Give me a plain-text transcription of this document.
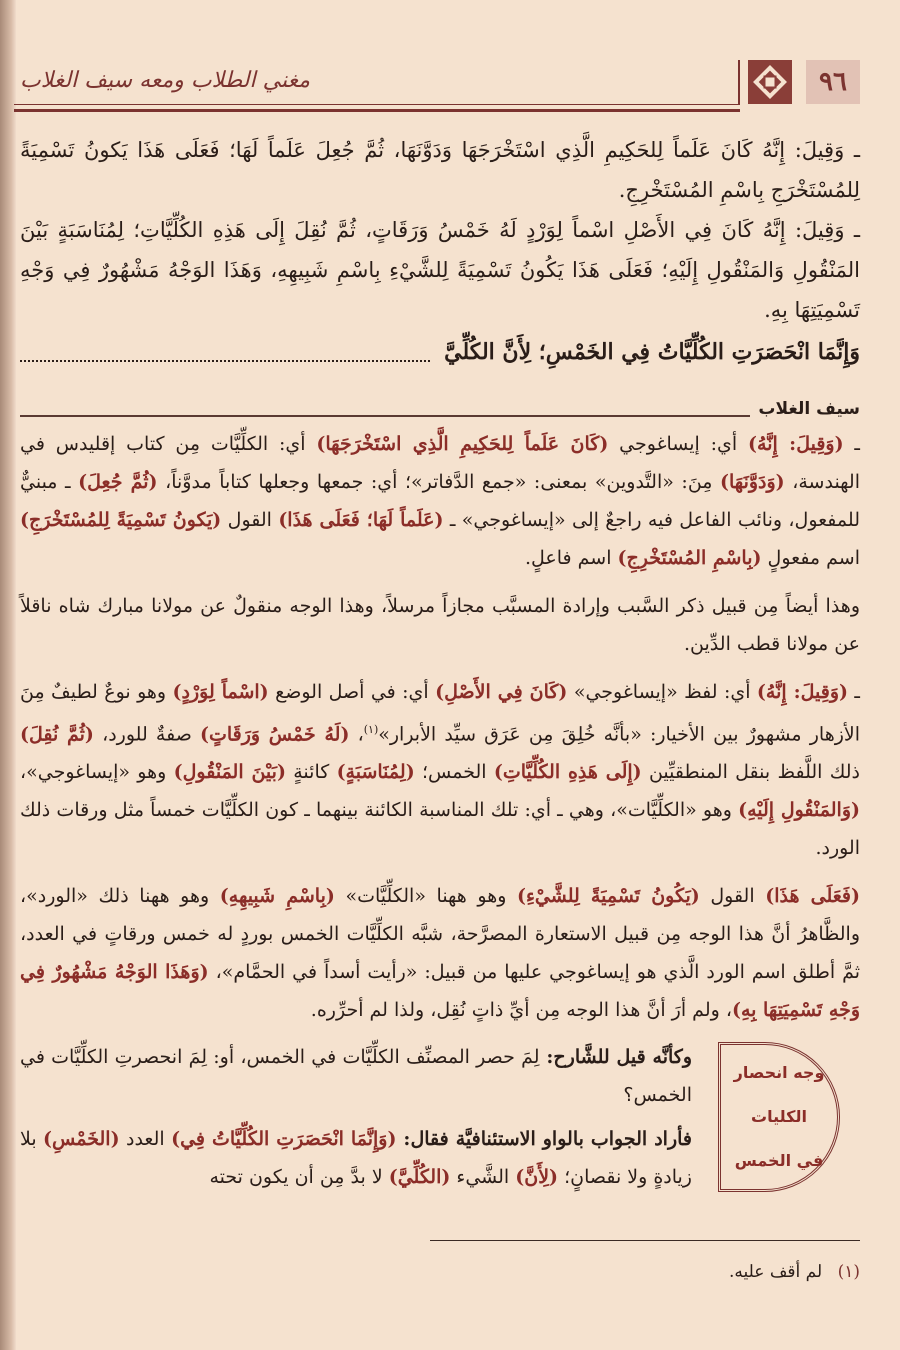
٩٦
مغني الطلاب ومعه سيف الغلاب

ـ وَقِيلَ: إِنَّهُ كَانَ عَلَماً لِلحَكِيمِ الَّذِي اسْتَخْرَجَهَا وَدَوَّنَهَا، ثُمَّ جُعِلَ عَلَماً لَهَا؛ فَعَلَى هَذَا يَكونُ تَسْمِيَةً لِلمُسْتَخْرَجِ بِاسْمِ المُسْتَخْرِجِ.

ـ وَقِيلَ: إِنَّهُ كَانَ فِي الأَصْلِ اسْماً لِوَرْدٍ لَهُ خَمْسُ وَرَقَاتٍ، ثُمَّ نُقِلَ إِلَى هَذِهِ الكُلِّيَّاتِ؛ لِمُنَاسَبَةٍ بَيْنَ المَنْقُولِ وَالمَنْقُولِ إِلَيْهِ؛ فَعَلَى هَذَا يَكُونُ تَسْمِيَةً لِلشَّيْءِ بِاسْمِ شَبِيهِهِ، وَهَذَا الوَجْهُ مَشْهُورٌ فِي وَجْهِ تَسْمِيَتِهَا بِهِ.

وَإِنَّمَا انْحَصَرَتِ الكُلِّيَّاتُ فِي الخَمْسِ؛ لِأَنَّ الكُلِّيَّ
سيف الغلاب

ـ (وَقِيلَ: إِنَّهُ) أي: إيساغوجي (كَانَ عَلَماً لِلحَكِيمِ الَّذِي اسْتَخْرَجَهَا) أي: الكلِّيَّات مِن كتاب إقليدس في الهندسة، (وَدَوَّنَهَا) مِنَ: «التَّدوين» بمعنى: «جمع الدَّفاتر»؛ أي: جمعها وجعلها كتاباً مدوَّناً، (ثُمَّ جُعِلَ) ـ مبنيٌّ للمفعول، ونائب الفاعل فيه راجعٌ إلى «إيساغوجي» ـ (عَلَماً لَهَا؛ فَعَلَى هَذَا) القول (يَكونُ تَسْمِيَةً لِلمُسْتَخْرَجِ) اسم مفعولٍ (بِاسْمِ المُسْتَخْرِجِ) اسم فاعلٍ.

وهذا أيضاً مِن قبيل ذكر السَّبب وإرادة المسبَّب مجازاً مرسلاً، وهذا الوجه منقولٌ عن مولانا مبارك شاه ناقلاً عن مولانا قطب الدِّين.

ـ (وَقِيلَ: إِنَّهُ) أي: لفظ «إيساغوجي» (كَانَ فِي الأَصْلِ) أي: في أصل الوضع (اسْماً لِوَرْدٍ) وهو نوعٌ لطيفٌ مِنَ الأزهار مشهورٌ بين الأخيار: «بأنَّه خُلِقَ مِن عَرَق سيِّد الأبرار»$^{(١)}$، (لَهُ خَمْسُ وَرَقَاتٍ) صفةٌ للورد، (ثُمَّ نُقِلَ) ذلك اللَّفظ بنقل المنطقيِّين (إِلَى هَذِهِ الكُلِّيَّاتِ) الخمس؛ (لِمُنَاسَبَةٍ) كائنةٍ (بَيْنَ المَنْقُولِ) وهو «إيساغوجي»، (وَالمَنْقُولِ إِلَيْهِ) وهو «الكلِّيَّات»، وهي ـ أي: تلك المناسبة الكائنة بينهما ـ كون الكلِّيَّات خمساً مثل ورقات ذلك الورد.

(فَعَلَى هَذَا) القول (يَكُونُ تَسْمِيَةً لِلشَّيْءِ) وهو ههنا «الكلِّيَّات» (بِاسْمِ شَبِيهِهِ) وهو ههنا ذلك «الورد»، والظَّاهرُ أنَّ هذا الوجه مِن قبيل الاستعارة المصرَّحة، شبَّه الكلِّيَّات الخمس بوردٍ له خمس ورقاتٍ في العدد، ثمَّ أطلق اسم الورد الَّذي هو إيساغوجي عليها من قبيل: «رأيت أسداً في الحمَّام»، (وَهَذَا الوَجْهُ مَشْهُورٌ فِي وَجْهِ تَسْمِيَتِهَا بِهِ)، ولم أرَ أنَّ هذا الوجه مِن أيِّ ذاتٍ نُقِل، ولذا لم أحرِّره.

وجه انحصار
الكليات
في الخمس

وكأنَّه قيل للشَّارح: لِمَ حصر المصنِّف الكلِّيَّات في الخمس، أو: لِمَ انحصرتِ الكلِّيَّات في الخمس؟

فأراد الجواب بالواو الاستئنافيَّة فقال: (وَإِنَّمَا انْحَصَرَتِ الكُلِّيَّاتُ فِي) العدد (الخَمْسِ) بلا زيادةٍ ولا نقصانٍ؛ (لِأَنَّ) الشَّيء (الكُلِّيَّ) لا بدَّ مِن أن يكون تحته

(١) لم أقف عليه.
